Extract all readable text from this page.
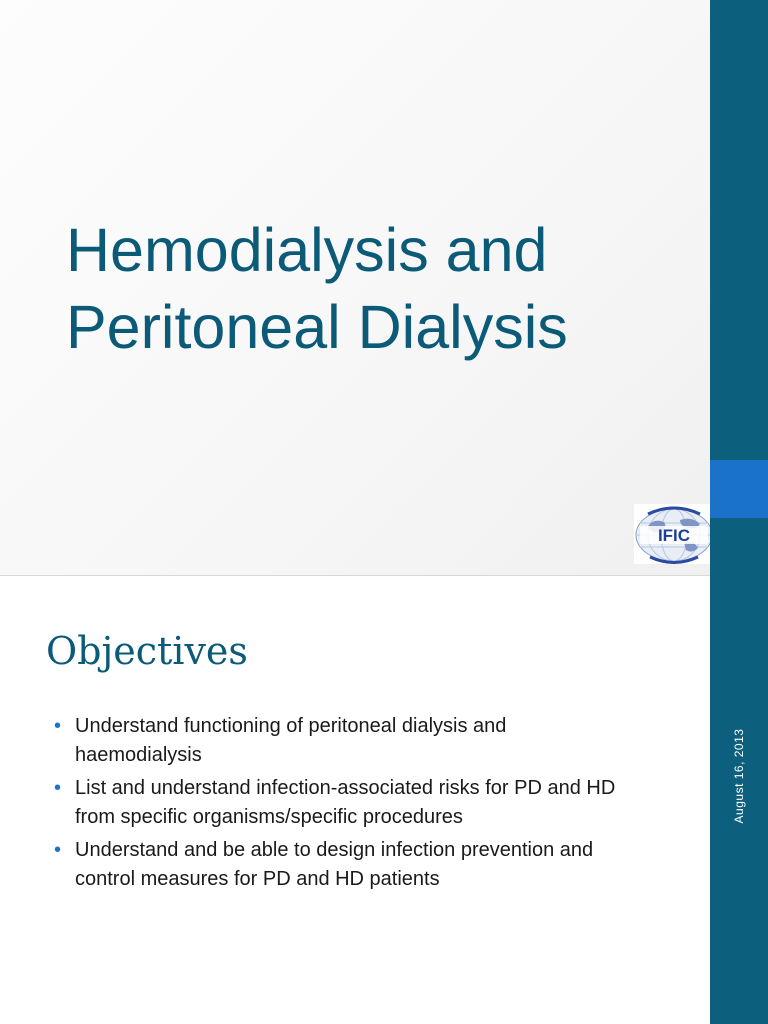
Hemodialysis and
Peritoneal Dialysis
IFIC
Objectives
• Understand functioning of peritoneal dialysis and
haemodialysis
• List and understand infection-associated risks for PD and HD
from specific organisms/specific procedures
• Understand and be able to design infection prevention and
control measures for PD and HD patients
August 16, 2013
